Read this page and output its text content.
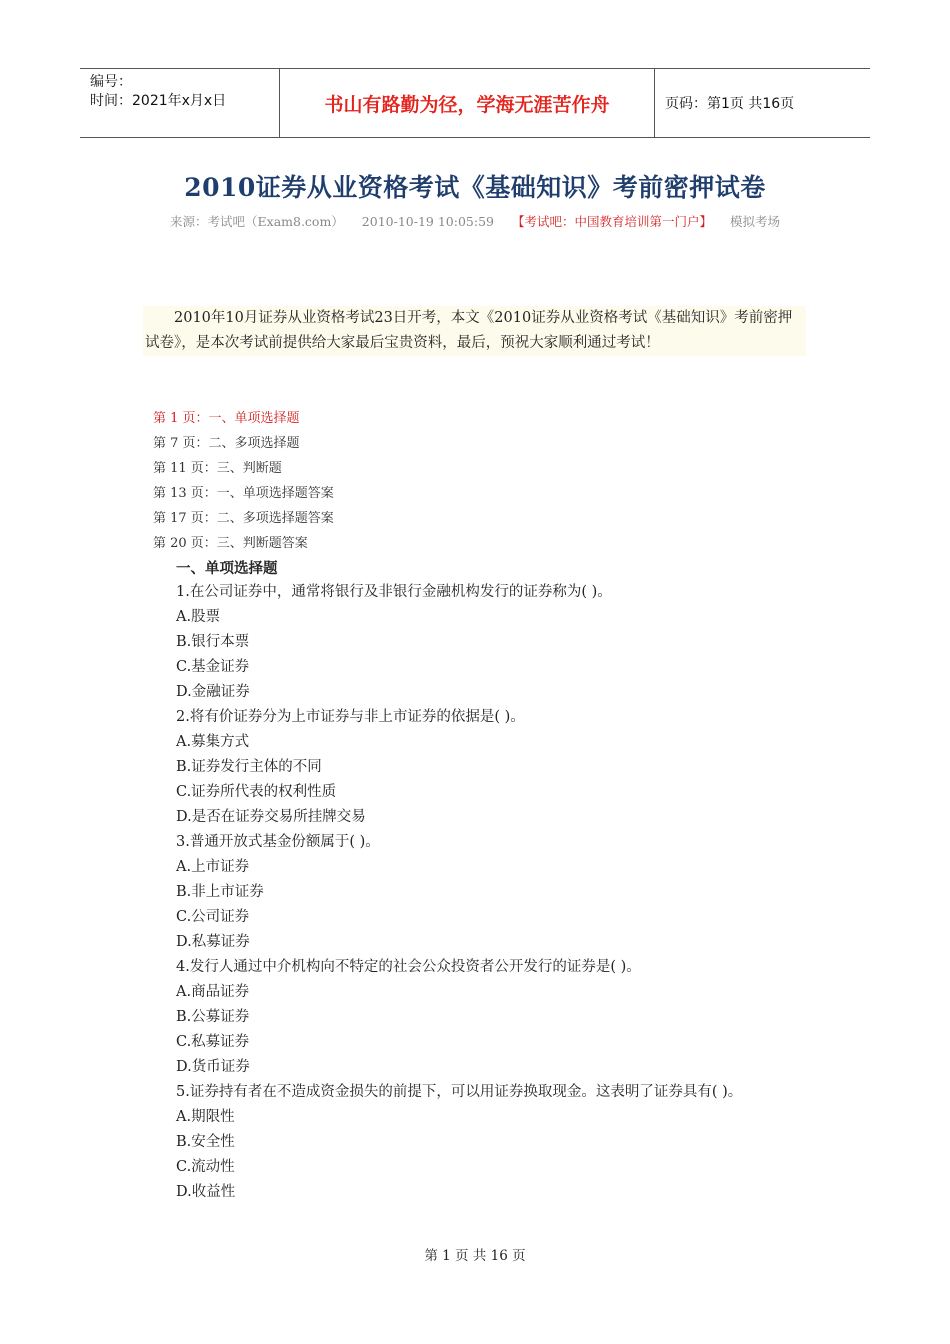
编号：
时间：2021年x月x日	书山有路勤为径，学海无涯苦作舟	页码：第1页 共16页
2010证券从业资格考试《基础知识》考前密押试卷
来源：考试吧（Exam8.com） 2010-10-19 10:05:59 【考试吧：中国教育培训第一门户】 模拟考场
2010年10月证券从业资格考试23日开考，本文《2010证券从业资格考试《基础知识》考前密押试卷》，是本次考试前提供给大家最后宝贵资料，最后，预祝大家顺利通过考试！
第 1 页：一、单项选择题
第 7 页：二、多项选择题
第 11 页：三、判断题
第 13 页：一、单项选择题答案
第 17 页：二、多项选择题答案
第 20 页：三、判断题答案
一、单项选择题
1.在公司证券中，通常将银行及非银行金融机构发行的证券称为( )。
A.股票
B.银行本票
C.基金证券
D.金融证券
2.将有价证券分为上市证券与非上市证券的依据是( )。
A.募集方式
B.证券发行主体的不同
C.证券所代表的权利性质
D.是否在证券交易所挂牌交易
3.普通开放式基金份额属于( )。
A.上市证券
B.非上市证券
C.公司证券
D.私募证券
4.发行人通过中介机构向不特定的社会公众投资者公开发行的证券是( )。
A.商品证券
B.公募证券
C.私募证券
D.货币证券
5.证券持有者在不造成资金损失的前提下，可以用证券换取现金。这表明了证券具有( )。
A.期限性
B.安全性
C.流动性
D.收益性
第 1 页 共 16 页
